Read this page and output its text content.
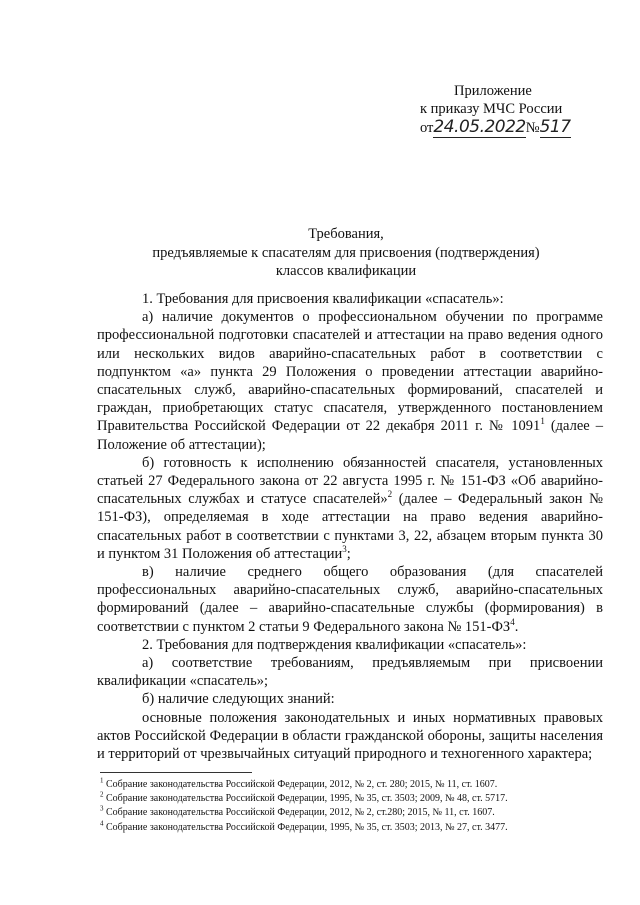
Приложение
к приказу МЧС России
от24.05.2022№517
Требования,
предъявляемые к спасателям для присвоения (подтверждения)
классов квалификации

1. Требования для присвоения квалификации «спасатель»:

а) наличие документов о профессиональном обучении по программе профессиональной подготовки спасателей и аттестации на право ведения одного или нескольких видов аварийно-спасательных работ в соответствии с подпунктом «а» пункта 29 Положения о проведении аттестации аварийно-спасательных служб, аварийно-спасательных формирований, спасателей и граждан, приобретающих статус спасателя, утвержденного постановлением Правительства Российской Федерации от 22 декабря 2011 г. № 1091$^1$ (далее – Положение об аттестации);

б) готовность к исполнению обязанностей спасателя, установленных статьей 27 Федерального закона от 22 августа 1995 г. № 151-ФЗ «Об аварийно-спасательных службах и статусе спасателей»$^2$ (далее – Федеральный закон № 151-ФЗ), определяемая в ходе аттестации на право ведения аварийно-спасательных работ в соответствии с пунктами 3, 22, абзацем вторым пункта 30 и пунктом 31 Положения об аттестации$^3$;

в) наличие среднего общего образования (для спасателей профессиональных аварийно-спасательных служб, аварийно-спасательных формирований (далее – аварийно-спасательные службы (формирования) в соответствии с пунктом 2 статьи 9 Федерального закона № $151-ФЗ^4$.

2. Требования для подтверждения квалификации «спасатель»:

а) соответствие требованиям, предъявляемым при присвоении квалификации «спасатель»;

б) наличие следующих знаний:

основные положения законодательных и иных нормативных правовых актов Российской Федерации в области гражданской обороны, защиты населения и территорий от чрезвычайных ситуаций природного и техногенного характера;

$^1$ Собрание законодательства Российской Федерации, 2012, № 2, ст. 280; 2015, № 11, ст. 1607.
$^2$ Собрание законодательства Российской Федерации, 1995, № 35, ст. 3503; 2009, № 48, ст. 5717.
$^3$ Собрание законодательства Российской Федерации, 2012, № 2, ст.280; 2015, № 11, ст. 1607.
$^4$ Собрание законодательства Российской Федерации, 1995, № 35, ст. 3503; 2013, № 27, ст. 3477.
